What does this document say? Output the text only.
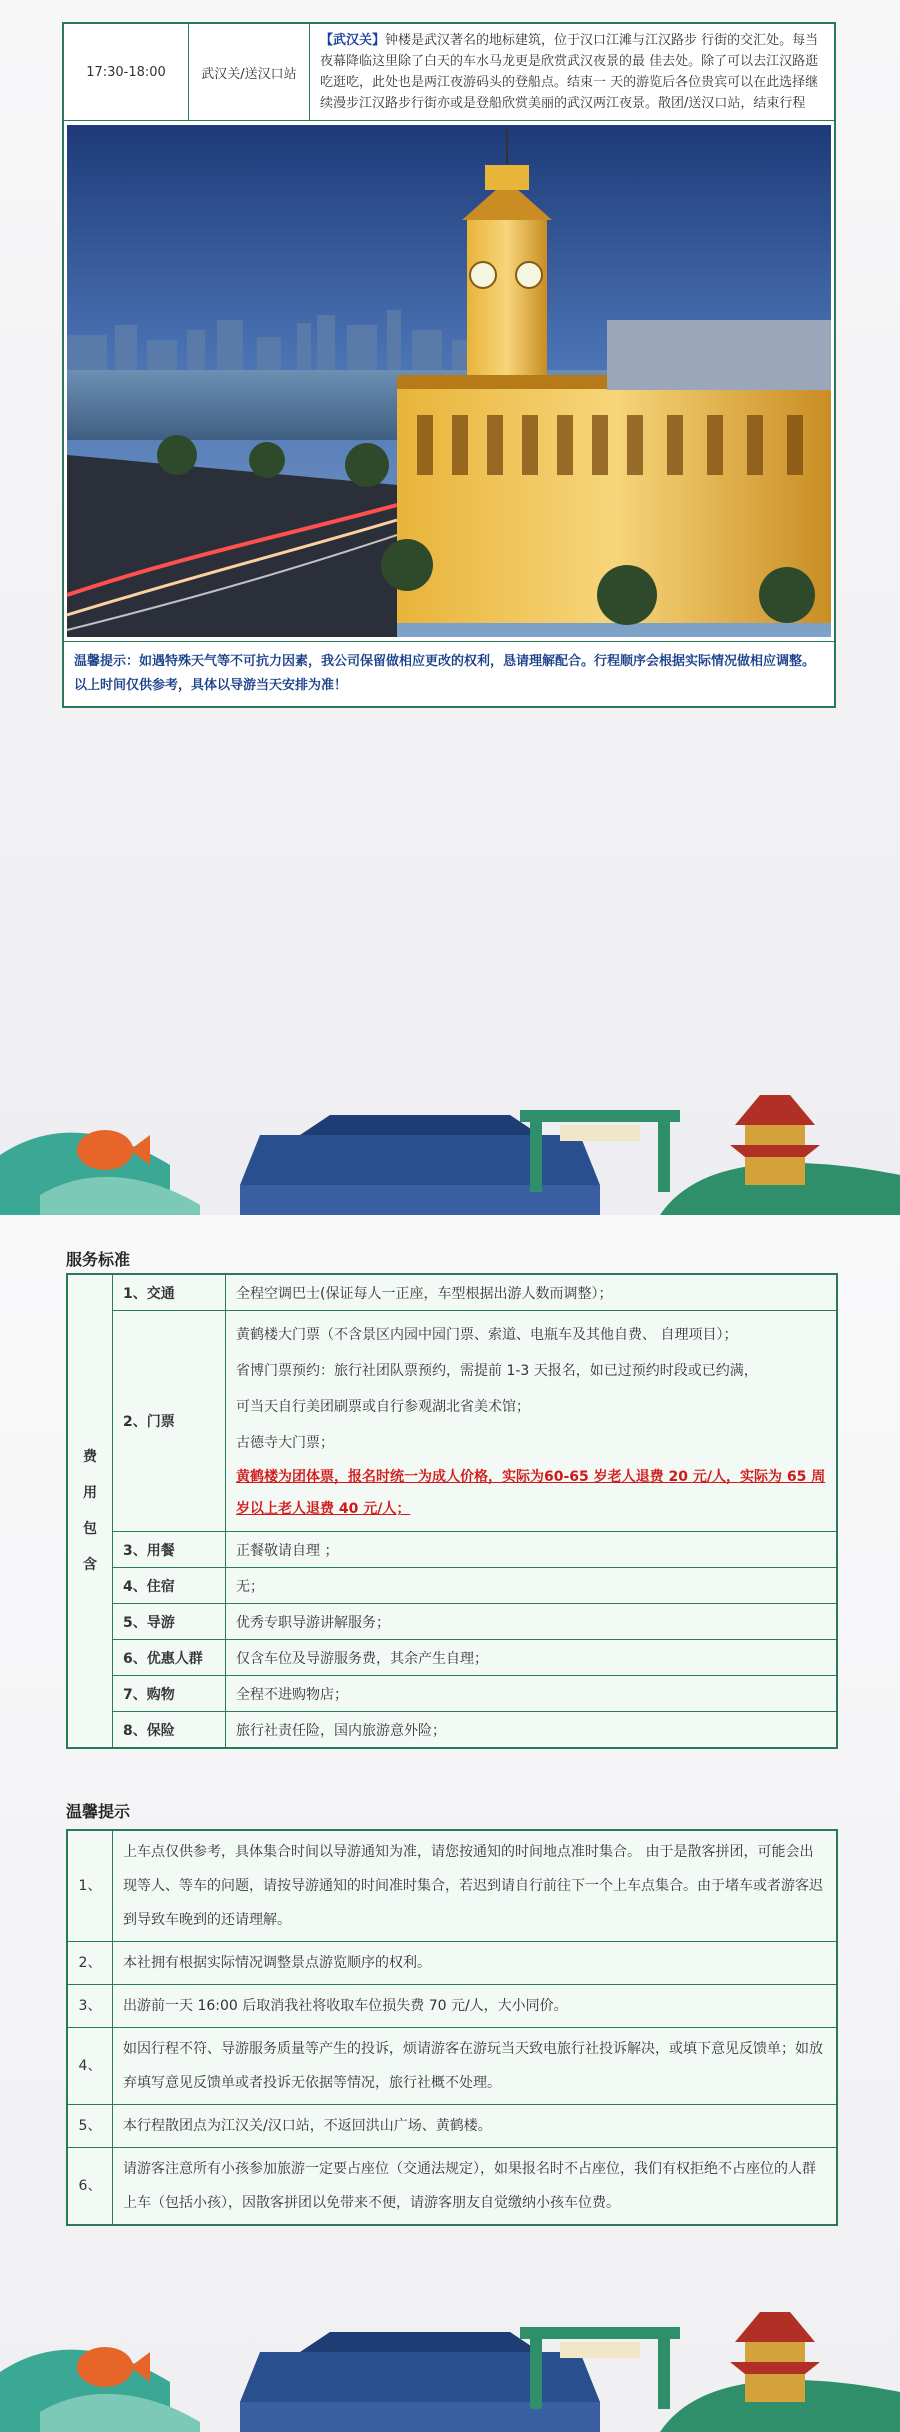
17:30-18:00	武汉关/送汉口站	【武汉关】钟楼是武汉著名的地标建筑，位于汉口江滩与江汉路步 行街的交汇处。每当夜幕降临这里除了白天的车水马龙更是欣赏武汉夜景的最 佳去处。除了可以去江汉路逛吃逛吃，此处也是两江夜游码头的登船点。结束一 天的游览后各位贵宾可以在此选择继续漫步江汉路步行街亦或是登船欣赏美丽的武汉两江夜景。散团/送汉口站，结束行程

温馨提示：如遇特殊天气等不可抗力因素，我公司保留做相应更改的权利，恳请理解配合。行程顺序会根据实际情况做相应调整。以上时间仅供参考，具体以导游当天安排为准！
服务标准
费
用
包
含	1、交通	全程空调巴士(保证每人一正座，车型根据出游人数而调整）；
	2、门票	黄鹤楼大门票（不含景区内园中园门票、索道、电瓶车及其他自费、 自理项目）；
省博门票预约：旅行社团队票预约，需提前 1-3 天报名，如已过预约时段或已约满，
可当天自行美团刷票或自行参观湖北省美术馆；
古德寺大门票；
黄鹤楼为团体票，报名时统一为成人价格，实际为60-65 岁老人退费 20 元/人，实际为 65 周岁以上老人退费 40 元/人；

	3、用餐	正餐敬请自理 ；
	4、住宿	无；
	5、导游	优秀专职导游讲解服务；
	6、优惠人群	仅含车位及导游服务费，其余产生自理；
	7、购物	全程不进购物店；
	8、保险	旅行社责任险，国内旅游意外险；
温馨提示
1、	上车点仅供参考，具体集合时间以导游通知为准，请您按通知的时间地点准时集合。 由于是散客拼团，可能会出现等人、等车的问题，请按导游通知的时间准时集合，若迟到请自行前往下一个上车点集合。由于堵车或者游客迟到导致车晚到的还请理解。
2、	本社拥有根据实际情况调整景点游览顺序的权利。
3、	出游前一天 16:00 后取消我社将收取车位损失费 70 元/人，大小同价。
4、	如因行程不符、导游服务质量等产生的投诉，烦请游客在游玩当天致电旅行社投诉解决，或填下意见反馈单；如放弃填写意见反馈单或者投诉无依据等情况，旅行社概不处理。
5、	本行程散团点为江汉关/汉口站，不返回洪山广场、黄鹤楼。
6、	请游客注意所有小孩参加旅游一定要占座位（交通法规定），如果报名时不占座位，我们有权拒绝不占座位的人群上车（包括小孩），因散客拼团以免带来不便，请游客朋友自觉缴纳小孩车位费。
